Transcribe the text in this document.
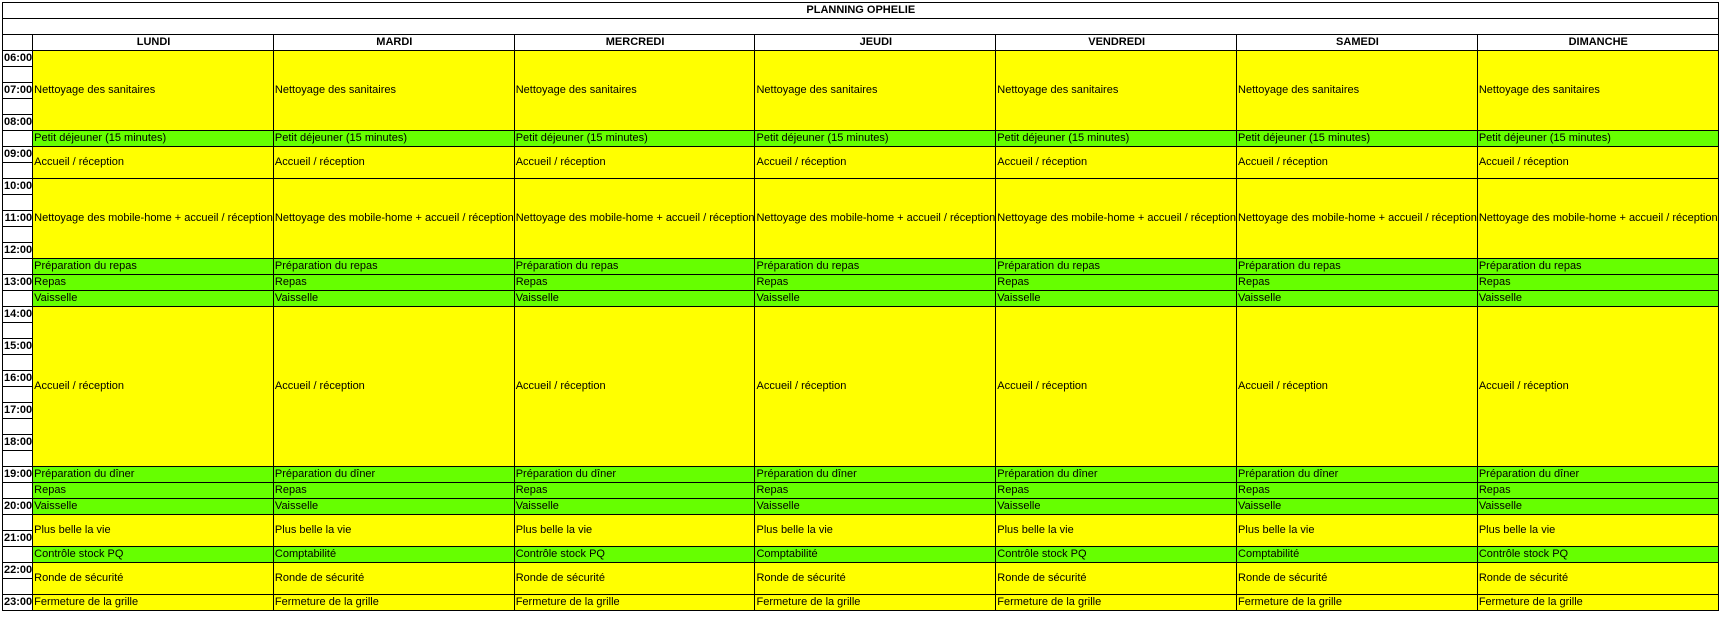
PLANNING OPHELIE							

	LUNDI	MARDI	MERCREDI	JEUDI	VENDREDI	SAMEDI	DIMANCHE
06:00	Nettoyage des sanitaires	Nettoyage des sanitaires	Nettoyage des sanitaires	Nettoyage des sanitaires	Nettoyage des sanitaires	Nettoyage des sanitaires	Nettoyage des sanitaires

07:00							

08:00							
	Petit déjeuner (15 minutes)	Petit déjeuner (15 minutes)	Petit déjeuner (15 minutes)	Petit déjeuner (15 minutes)	Petit déjeuner (15 minutes)	Petit déjeuner (15 minutes)	Petit déjeuner (15 minutes)
09:00	Accueil / réception	Accueil / réception	Accueil / réception	Accueil / réception	Accueil / réception	Accueil / réception	Accueil / réception

10:00	Nettoyage des mobile-home + accueil / réception	Nettoyage des mobile-home + accueil / réception	Nettoyage des mobile-home + accueil / réception	Nettoyage des mobile-home + accueil / réception	Nettoyage des mobile-home + accueil / réception	Nettoyage des mobile-home + accueil / réception	Nettoyage des mobile-home + accueil / réception

11:00							

12:00							
	Préparation du repas	Préparation du repas	Préparation du repas	Préparation du repas	Préparation du repas	Préparation du repas	Préparation du repas
13:00	Repas	Repas	Repas	Repas	Repas	Repas	Repas
	Vaisselle	Vaisselle	Vaisselle	Vaisselle	Vaisselle	Vaisselle	Vaisselle
14:00	Accueil / réception	Accueil / réception	Accueil / réception	Accueil / réception	Accueil / réception	Accueil / réception	Accueil / réception

15:00							

16:00							

17:00							

18:00							

19:00	Préparation du dîner	Préparation du dîner	Préparation du dîner	Préparation du dîner	Préparation du dîner	Préparation du dîner	Préparation du dîner
	Repas	Repas	Repas	Repas	Repas	Repas	Repas
20:00	Vaisselle	Vaisselle	Vaisselle	Vaisselle	Vaisselle	Vaisselle	Vaisselle
	Plus belle la vie	Plus belle la vie	Plus belle la vie	Plus belle la vie	Plus belle la vie	Plus belle la vie	Plus belle la vie
21:00							
	Contrôle stock PQ	Comptabilité	Contrôle stock PQ	Comptabilité	Contrôle stock PQ	Comptabilité	Contrôle stock PQ
22:00	Ronde de sécurité	Ronde de sécurité	Ronde de sécurité	Ronde de sécurité	Ronde de sécurité	Ronde de sécurité	Ronde de sécurité

23:00	Fermeture de la grille	Fermeture de la grille	Fermeture de la grille	Fermeture de la grille	Fermeture de la grille	Fermeture de la grille	Fermeture de la grille
